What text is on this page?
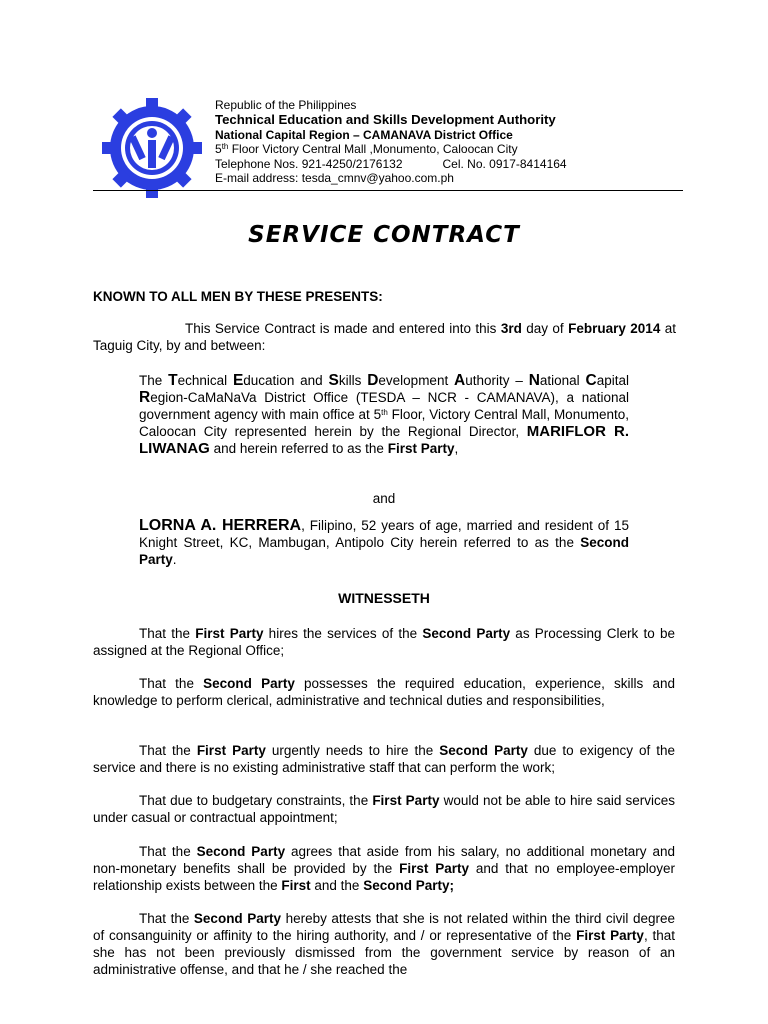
Republic of the Philippines
Technical Education and Skills Development Authority
National Capital Region – CAMANAVA District Office
5th Floor Victory Central Mall ,Monumento, Caloocan City
Telephone Nos. 921-4250/2176132	Cel. No. 0917-8414164
E-mail address: tesda_cmnv@yahoo.com.ph
SERVICE CONTRACT
KNOWN TO ALL MEN BY THESE PRESENTS:
This Service Contract is made and entered into this 3rd day of February 2014 at Taguig City, by and between:
The Technical Education and Skills Development Authority – National Capital Region-CaMaNaVa District Office (TESDA – NCR - CAMANAVA), a national government agency with main office at 5th Floor, Victory Central Mall, Monumento, Caloocan City represented herein by the Regional Director, MARIFLOR R. LIWANAG and herein referred to as the First Party,
and
LORNA A. HERRERA, Filipino, 52 years of age, married and resident of 15 Knight Street, KC, Mambugan, Antipolo City herein referred to as the Second Party.
WITNESSETH
That the First Party hires the services of the Second Party as Processing Clerk to be assigned at the Regional Office;
That the Second Party possesses the required education, experience, skills and knowledge to perform clerical, administrative and technical duties and responsibilities,
That the First Party urgently needs to hire the Second Party due to exigency of the service and there is no existing administrative staff that can perform the work;
That due to budgetary constraints, the First Party would not be able to hire said services under casual or contractual appointment;
That the Second Party agrees that aside from his salary, no additional monetary and non-monetary benefits shall be provided by the First Party and that no employee-employer relationship exists between the First and the Second Party;
That the Second Party hereby attests that she is not related within the third civil degree of consanguinity or affinity to the hiring authority, and / or representative of the First Party, that she has not been previously dismissed from the government service by reason of an administrative offense, and that he / she reached the
